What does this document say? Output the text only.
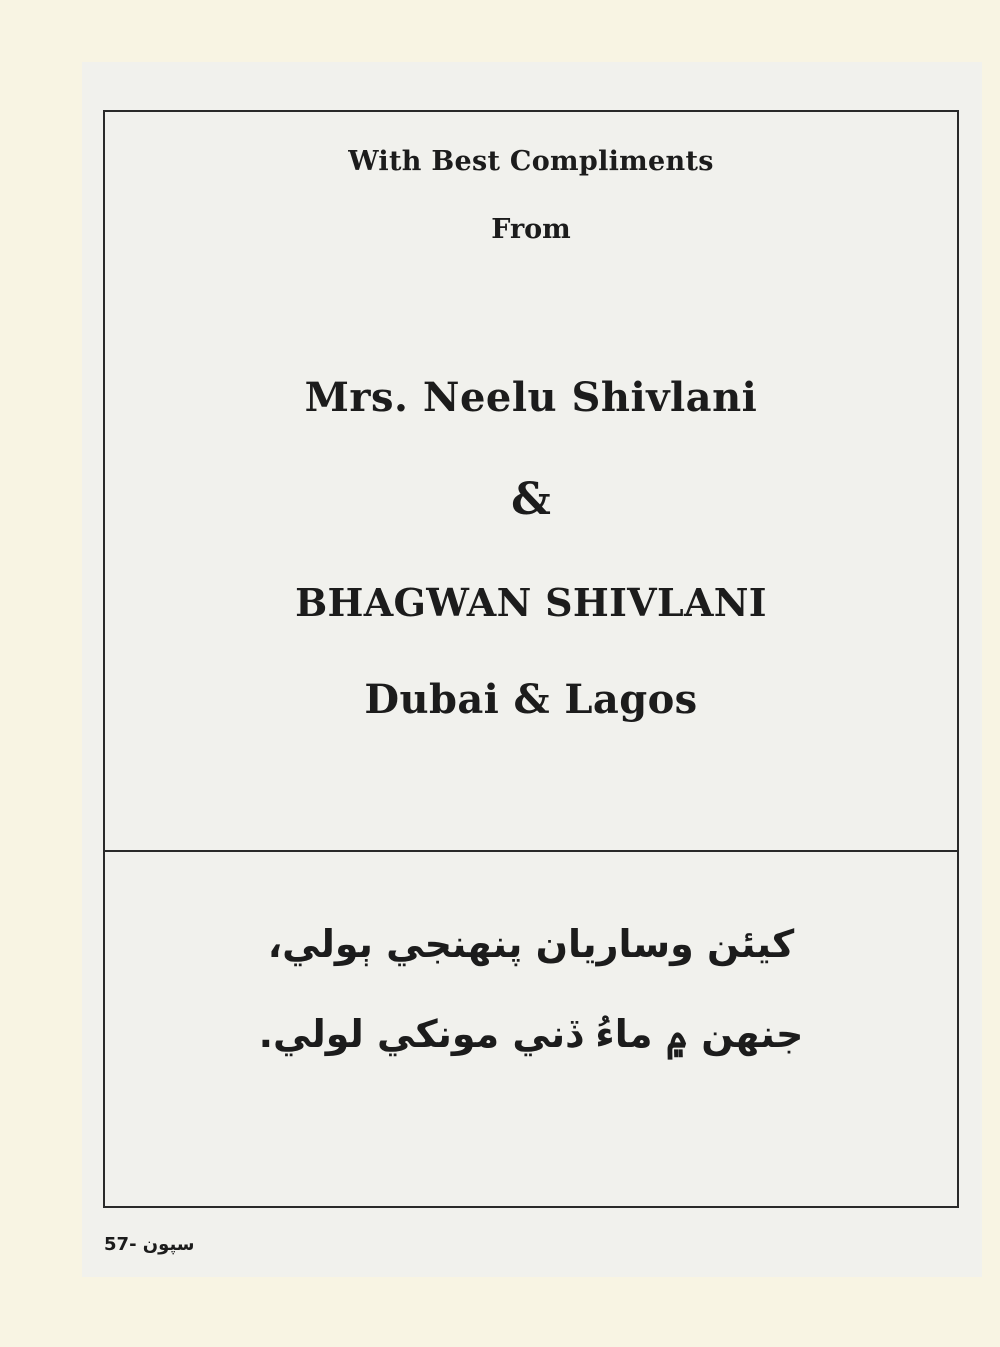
With Best Compliments
From
Mrs. Neelu Shivlani
&
BHAGWAN SHIVLANI
Dubai & Lagos
كيئن وساريان پنهنجي ٻولي،
جنهن ۾ ماءُ ڏني مونکي لولي.
سپون -57
